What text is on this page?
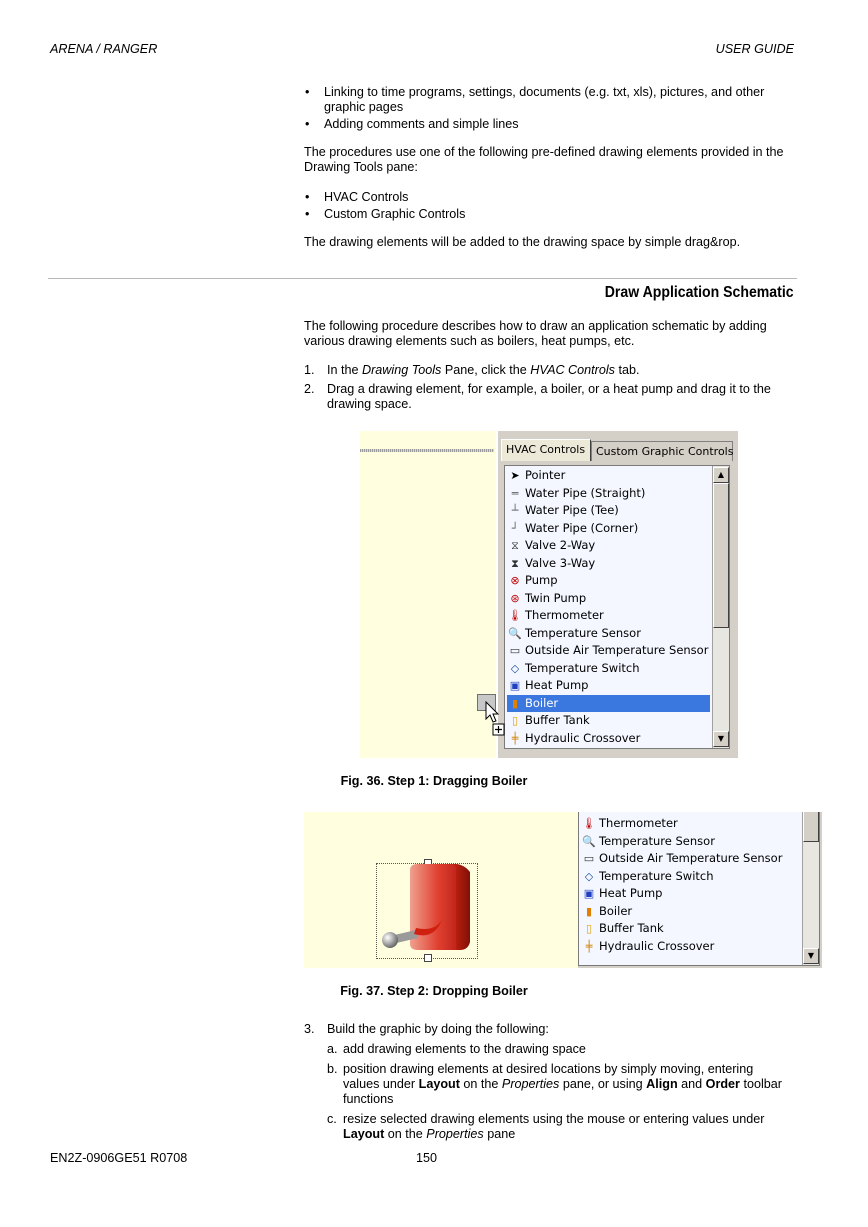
ARENA / RANGER	USER GUIDE
• Linking to time programs, settings, documents (e.g. txt, xls), pictures, and other graphic pages
• Adding comments and simple lines

The procedures use one of the following pre-defined drawing elements provided in the Drawing Tools pane:

• HVAC Controls
• Custom Graphic Controls

The drawing elements will be added to the drawing space by simple drag&rop.

Draw Application Schematic

The following procedure describes how to draw an application schematic by adding various drawing elements such as boilers, heat pumps, etc.

1. In the Drawing Tools Pane, click the HVAC Controls tab.
2. Drag a drawing element, for example, a boiler, or a heat pump and drag it to the drawing space.
HVAC Controls Custom Graphic Controls
➤ Pointer
═ Water Pipe (Straight)
┴ Water Pipe (Tee)
┘ Water Pipe (Corner)
⧖ Valve 2-Way
⧗ Valve 3-Way
⊗ Pump
⊛ Twin Pump
🌡 Thermometer
🔍 Temperature Sensor
▭ Outside Air Temperature Sensor
◇ Temperature Switch
▣ Heat Pump
▮ Boiler
▯ Buffer Tank
╪ Hydraulic Crossover
▲
▼
Fig. 36. Step 1: Dragging Boiler
🌡 Thermometer
🔍 Temperature Sensor
▭ Outside Air Temperature Sensor
◇ Temperature Switch
▣ Heat Pump
▮ Boiler
▯ Buffer Tank
╪ Hydraulic Crossover
▼
Fig. 37. Step 2: Dropping Boiler
3. Build the graphic by doing the following:
a. add drawing elements to the drawing space
b. position drawing elements at desired locations by simply moving, entering values under Layout on the Properties pane, or using Align and Order toolbar functions
c. resize selected drawing elements using the mouse or entering values under Layout on the Properties pane
EN2Z-0906GE51 R0708	150
